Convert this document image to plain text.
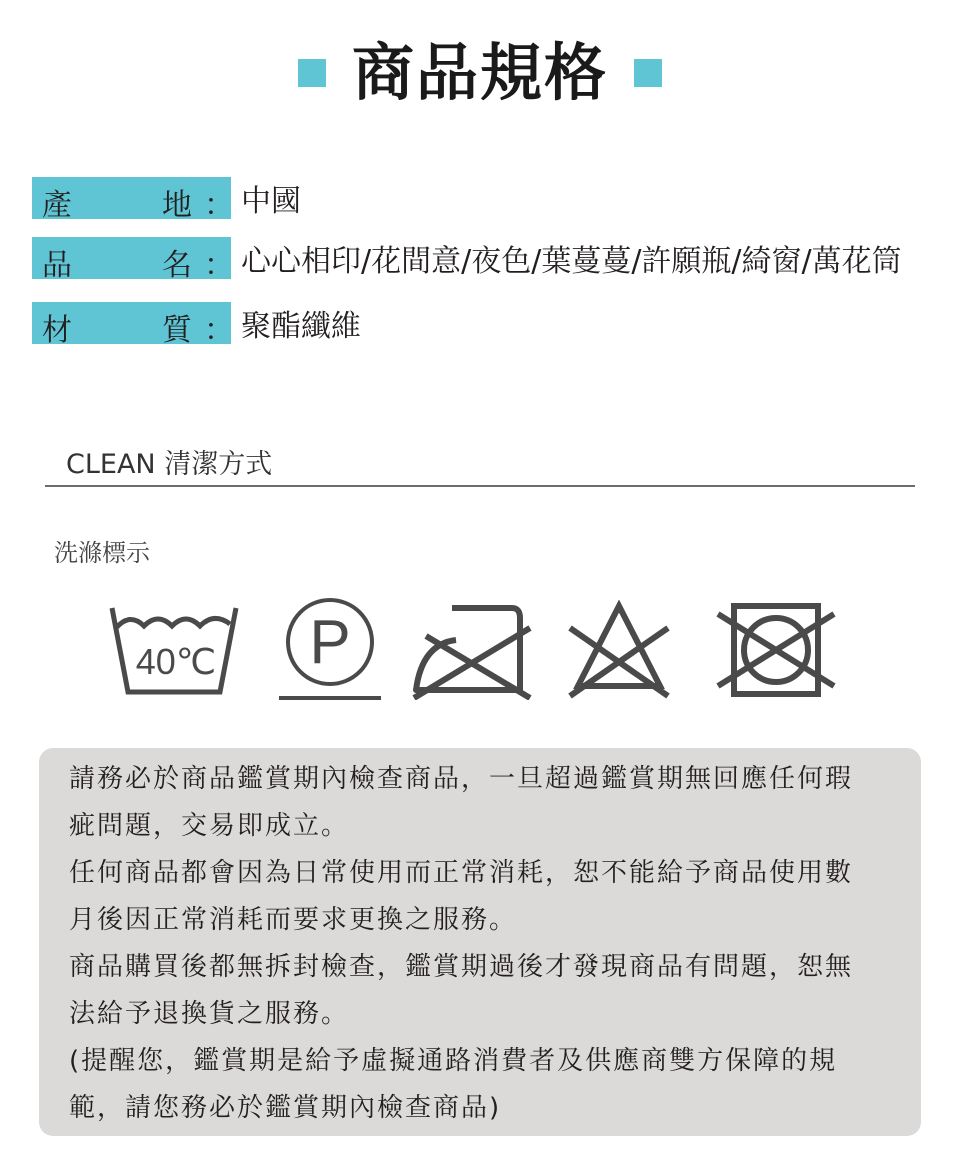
商品規格
產	地 ： 中國
品	名 ： 心心相印/花間意/夜色/葉蔓蔓/許願瓶/綺窗/萬花筒
材	質 ： 聚酯纖維
CLEAN 清潔方式
洗滌標示
40℃ P
請務必於商品鑑賞期內檢查商品，一旦超過鑑賞期無回應任何瑕
疵問題，交易即成立。
任何商品都會因為日常使用而正常消耗，恕不能給予商品使用數
月後因正常消耗而要求更換之服務。
商品購買後都無拆封檢查，鑑賞期過後才發現商品有問題，恕無
法給予退換貨之服務。
(提醒您，鑑賞期是給予虛擬通路消費者及供應商雙方保障的規
範，請您務必於鑑賞期內檢查商品)
